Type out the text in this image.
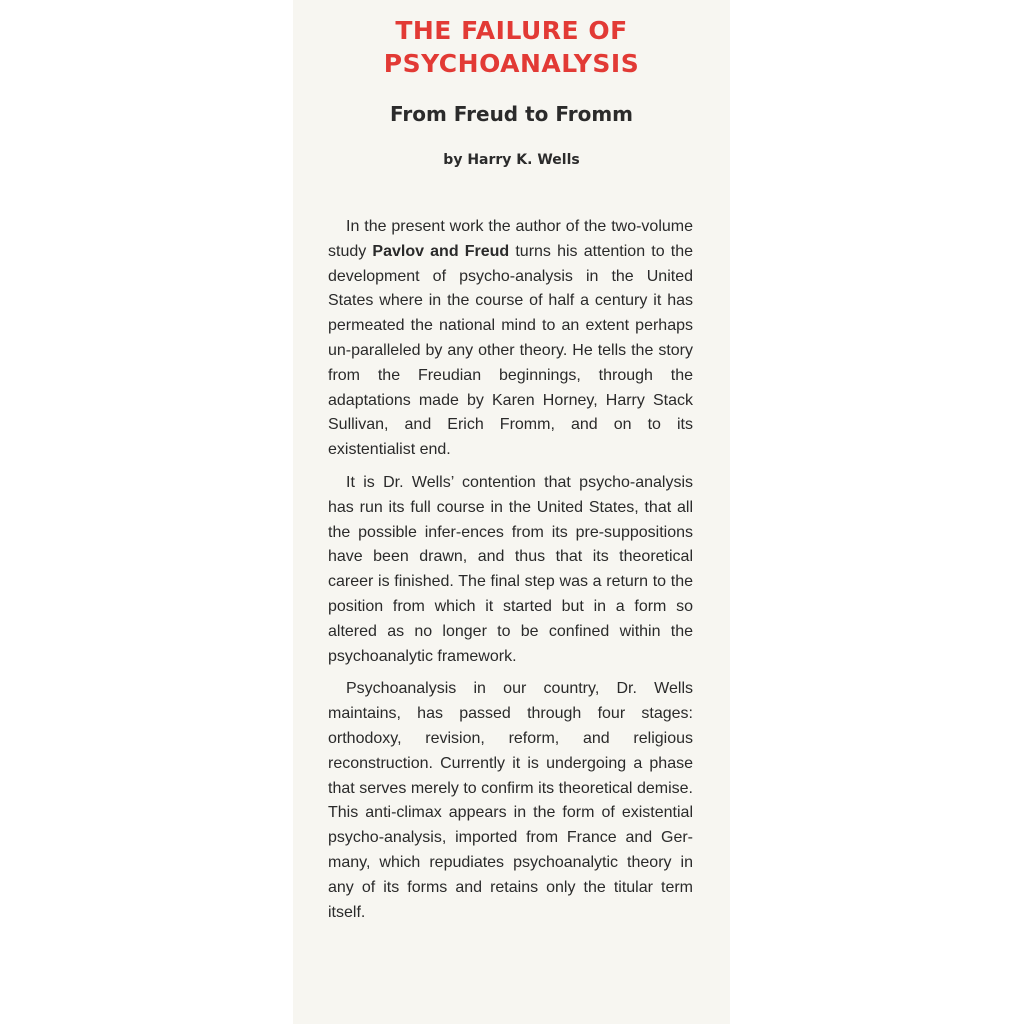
THE FAILURE OF
PSYCHOANALYSIS
From Freud to Fromm

by Harry K. Wells

In the present work the author of the two-volume study Pavlov and Freud turns his attention to the development of psycho-analysis in the United States where in the course of half a century it has permeated the national mind to an extent perhaps un-paralleled by any other theory. He tells the story from the Freudian beginnings, through the adaptations made by Karen Horney, Harry Stack Sullivan, and Erich Fromm, and on to its existentialist end.

It is Dr. Wells’ contention that psycho-analysis has run its full course in the United States, that all the possible infer-ences from its pre-suppositions have been drawn, and thus that its theoretical career is finished. The final step was a return to the position from which it started but in a form so altered as no longer to be confined within the psychoanalytic framework.

Psychoanalysis in our country, Dr. Wells maintains, has passed through four stages: orthodoxy, revision, reform, and religious reconstruction. Currently it is undergoing a phase that serves merely to confirm its theoretical demise. This anti-climax appears in the form of existential psycho-analysis, imported from France and Ger-many, which repudiates psychoanalytic theory in any of its forms and retains only the titular term itself.
